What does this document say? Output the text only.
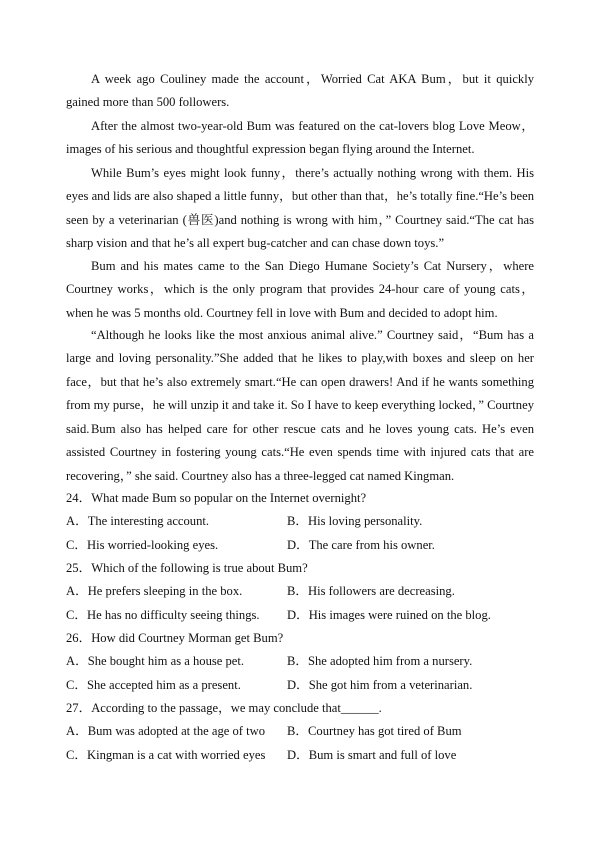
A week ago Couliney made the account，Worried Cat AKA Bum，but it quickly gained more than 500 followers.

After the almost two-year-old Bum was featured on the cat-lovers blog Love Meow，images of his serious and thoughtful expression began flying around the Internet.

While Bum’s eyes might look funny，there’s actually nothing wrong with them. His eyes and lids are also shaped a little funny，but other than that，he’s totally fine.“He’s been seen by a veterinarian (兽医)and nothing is wrong with him，” Courtney said.“The cat has sharp vision and that he’s all expert bug-catcher and can chase down toys.”

Bum and his mates came to the San Diego Humane Society’s Cat Nursery，where Courtney works，which is the only program that provides 24-hour care of young cats，when he was 5 months old. Courtney fell in love with Bum and decided to adopt him.

“Although he looks like the most anxious animal alive.” Courtney said，“Bum has a large and loving personality.”She added that he likes to play,with boxes and sleep on her face，but that he’s also extremely smart.“He can open drawers! And if he wants something from my purse，he will unzip it and take it. So I have to keep everything locked，” Courtney said. Bum also has helped care for other rescue cats and he loves young cats. He’s even assisted Courtney in fostering young cats.“He even spends time with injured cats that are recovering，” she said. Courtney also has a three-legged cat named Kingman.

24．What made Bum so popular on the Internet overnight?

A．The interesting account.	B．His loving personality.

C．His worried-looking eyes.	D．The care from his owner.

25．Which of the following is true about Bum?

A．He prefers sleeping in the box.	B．His followers are decreasing.

C．He has no difficulty seeing things. D．His images were ruined on the blog.

26．How did Courtney Morman get Bum?

A．She bought him as a house pet.	B．She adopted him from a nursery.

C．She accepted him as a present.	D．She got him from a veterinarian.

27．According to the passage，we may conclude that______.

A．Bum was adopted at the age of two B．Courtney has got tired of Bum

C．Kingman is a cat with worried eyes D．Bum is smart and full of love
